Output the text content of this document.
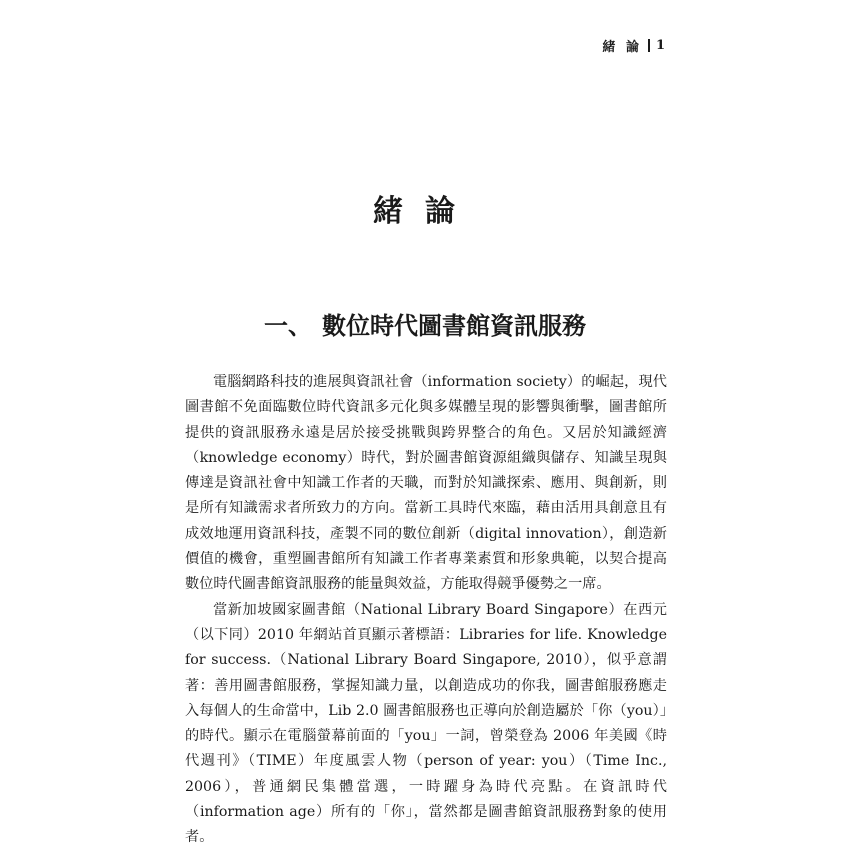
緒 論 1
緒論
一、 數位時代圖書館資訊服務

電腦網路科技的進展與資訊社會（information society）的崛起，現代圖書館不免面臨數位時代資訊多元化與多媒體呈現的影響與衝擊，圖書館所提供的資訊服務永遠是居於接受挑戰與跨界整合的角色。又居於知識經濟（knowledge economy）時代，對於圖書館資源組織與儲存、知識呈現與傳達是資訊社會中知識工作者的天職，而對於知識探索、應用、與創新，則是所有知識需求者所致力的方向。當新工具時代來臨，藉由活用具創意且有成效地運用資訊科技，產製不同的數位創新（digital innovation），創造新價值的機會，重塑圖書館所有知識工作者專業素質和形象典範，以契合提高數位時代圖書館資訊服務的能量與效益，方能取得競爭優勢之一席。

當新加坡國家圖書館（National Library Board Singapore）在西元（以下同）2010 年網站首頁顯示著標語：Libraries for life. Knowledge for success.（National Library Board Singapore, 2010），似乎意謂著：善用圖書館服務，掌握知識力量，以創造成功的你我，圖書館服務應走入每個人的生命當中，Lib 2.0 圖書館服務也正導向於創造屬於「你（you）」的時代。顯示在電腦螢幕前面的「you」一詞，曾榮登為 2006 年美國《時代週刊》（TIME）年度風雲人物（person of year: you）（Time Inc., 2006），普通網民集體當選，一時躍身為時代亮點。在資訊時代（information age）所有的「你」，當然都是圖書館資訊服務對象的使用者。
